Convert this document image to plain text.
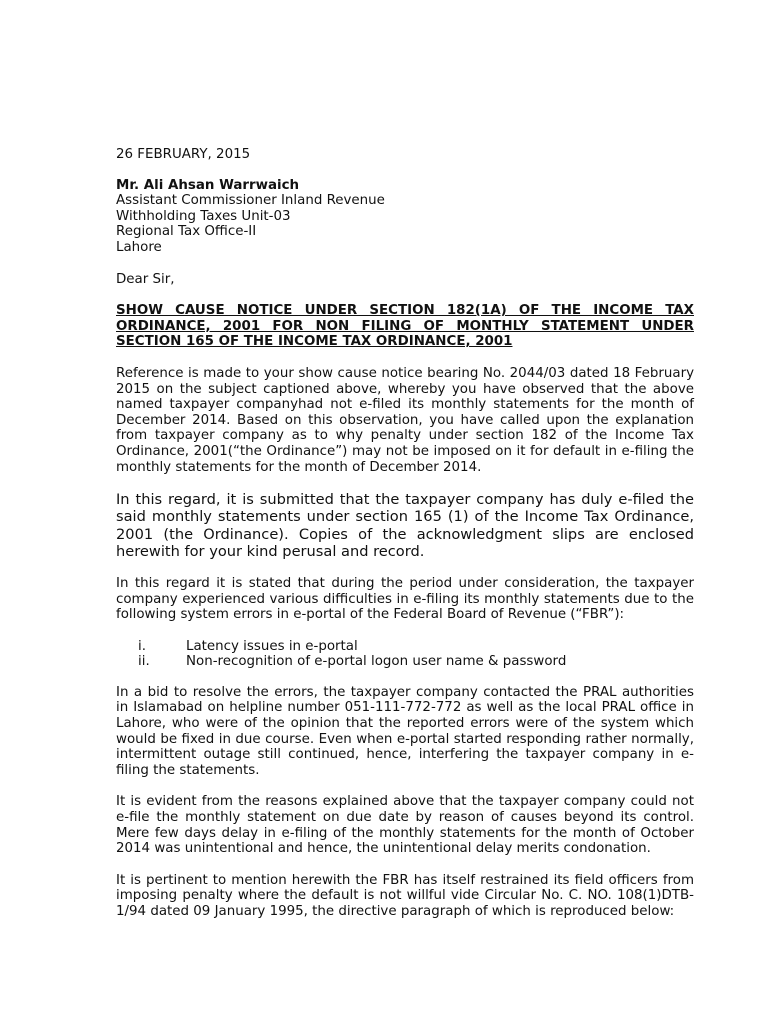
26 FEBRUARY, 2015

Mr. Ali Ahsan Warrwaich

Assistant Commissioner Inland Revenue

Withholding Taxes Unit-03

Regional Tax Office-II

Lahore

Dear Sir,

SHOW CAUSE NOTICE UNDER SECTION 182(1A) OF THE INCOME TAX ORDINANCE, 2001 FOR NON FILING OF MONTHLY STATEMENT UNDER SECTION 165 OF THE INCOME TAX ORDINANCE, 2001

Reference is made to your show cause notice bearing No. 2044/03 dated 18 February 2015 on the subject captioned above, whereby you have observed that the above named taxpayer companyhad not e-filed its monthly statements for the month of December 2014. Based on this observation, you have called upon the explanation from taxpayer company as to why penalty under section 182 of the Income Tax Ordinance, 2001(“the Ordinance”) may not be imposed on it for default in e-filing the monthly statements for the month of December 2014.

In this regard, it is submitted that the taxpayer company has duly e-filed the said monthly statements under section 165 (1) of the Income Tax Ordinance, 2001 (the Ordinance). Copies of the acknowledgment slips are enclosed herewith for your kind perusal and record.

In this regard it is stated that during the period under consideration, the taxpayer company experienced various difficulties in e-filing its monthly statements due to the following system errors in e-portal of the Federal Board of Revenue (“FBR”):

i.	Latency issues in e-portal
ii.	Non-recognition of e-portal logon user name & password

In a bid to resolve the errors, the taxpayer company contacted the PRAL authorities in Islamabad on helpline number 051-111-772-772 as well as the local PRAL office in Lahore, who were of the opinion that the reported errors were of the system which would be fixed in due course. Even when e-portal started responding rather normally, intermittent outage still continued, hence, interfering the taxpayer company in e-filing the statements.

It is evident from the reasons explained above that the taxpayer company could not e-file the monthly statement on due date by reason of causes beyond its control. Mere few days delay in e-filing of the monthly statements for the month of October 2014 was unintentional and hence, the unintentional delay merits condonation.

It is pertinent to mention herewith the FBR has itself restrained its field officers from imposing penalty where the default is not willful vide Circular No. C. NO. 108(1)DTB-1/94 dated 09 January 1995, the directive paragraph of which is reproduced below:
